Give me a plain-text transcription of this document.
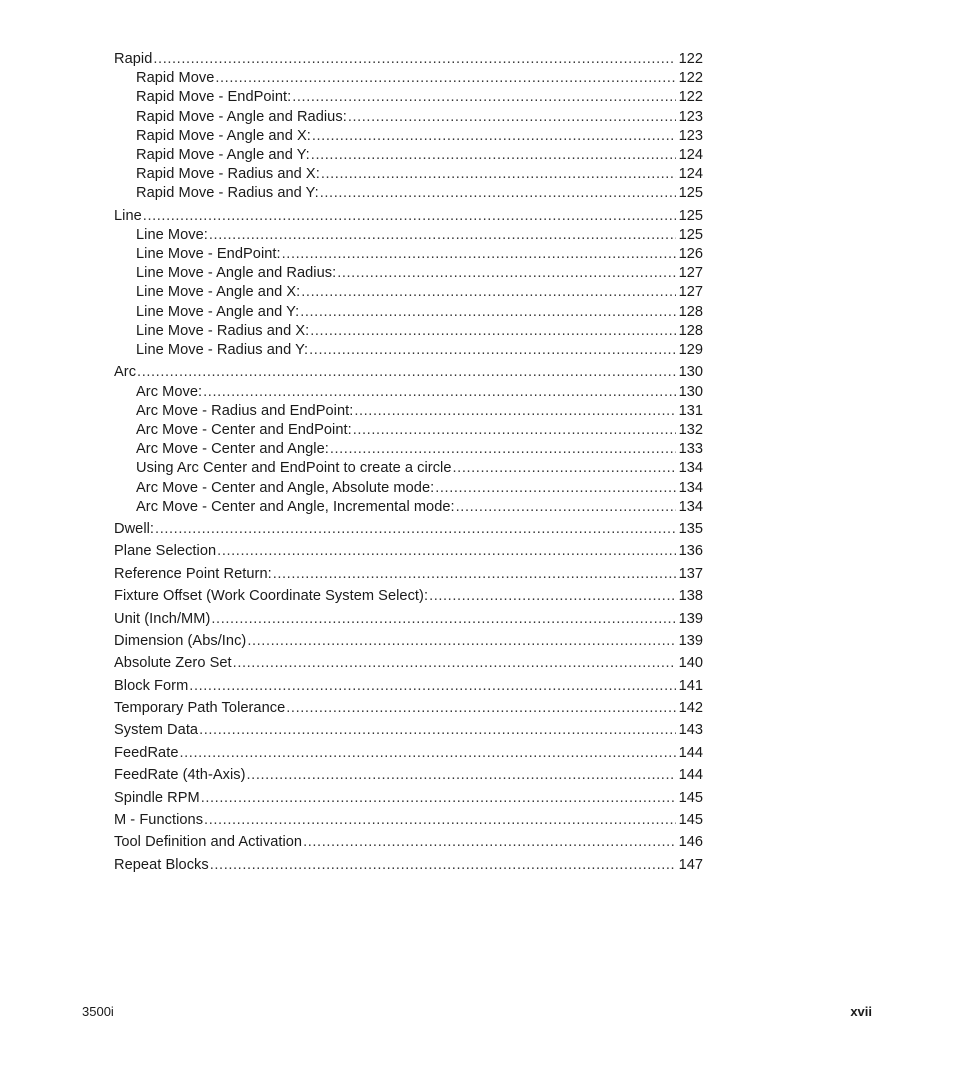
Rapid .....	122
Rapid Move .....	122
Rapid Move - EndPoint: .....	122
Rapid Move - Angle and Radius: .....	123
Rapid Move - Angle and X: .....	123
Rapid Move - Angle and Y: .....	124
Rapid Move - Radius and X: .....	124
Rapid Move - Radius and Y: .....	125
Line .....	125
Line Move: .....	125
Line Move - EndPoint: .....	126
Line Move - Angle and Radius: .....	127
Line Move - Angle and X: .....	127
Line Move - Angle and Y: .....	128
Line Move - Radius and X: .....	128
Line Move - Radius and Y: .....	129
Arc .....	130
Arc Move: .....	130
Arc Move - Radius and EndPoint: .....	131
Arc Move - Center and EndPoint: .....	132
Arc Move - Center and Angle: .....	133
Using Arc Center and EndPoint to create a circle .....	134
Arc Move - Center and Angle, Absolute mode: .....	134
Arc Move - Center and Angle, Incremental mode: .....	134
Dwell: .....	135
Plane Selection .....	136
Reference Point Return: .....	137
Fixture Offset (Work Coordinate System Select): .....	138
Unit (Inch/MM) .....	139
Dimension (Abs/Inc) .....	139
Absolute Zero Set .....	140
Block Form .....	141
Temporary Path Tolerance .....	142
System Data .....	143
FeedRate .....	144
FeedRate (4th-Axis) .....	144
Spindle RPM .....	145
M - Functions .....	145
Tool Definition and Activation .....	146
Repeat Blocks .....	147
3500i	xvii
